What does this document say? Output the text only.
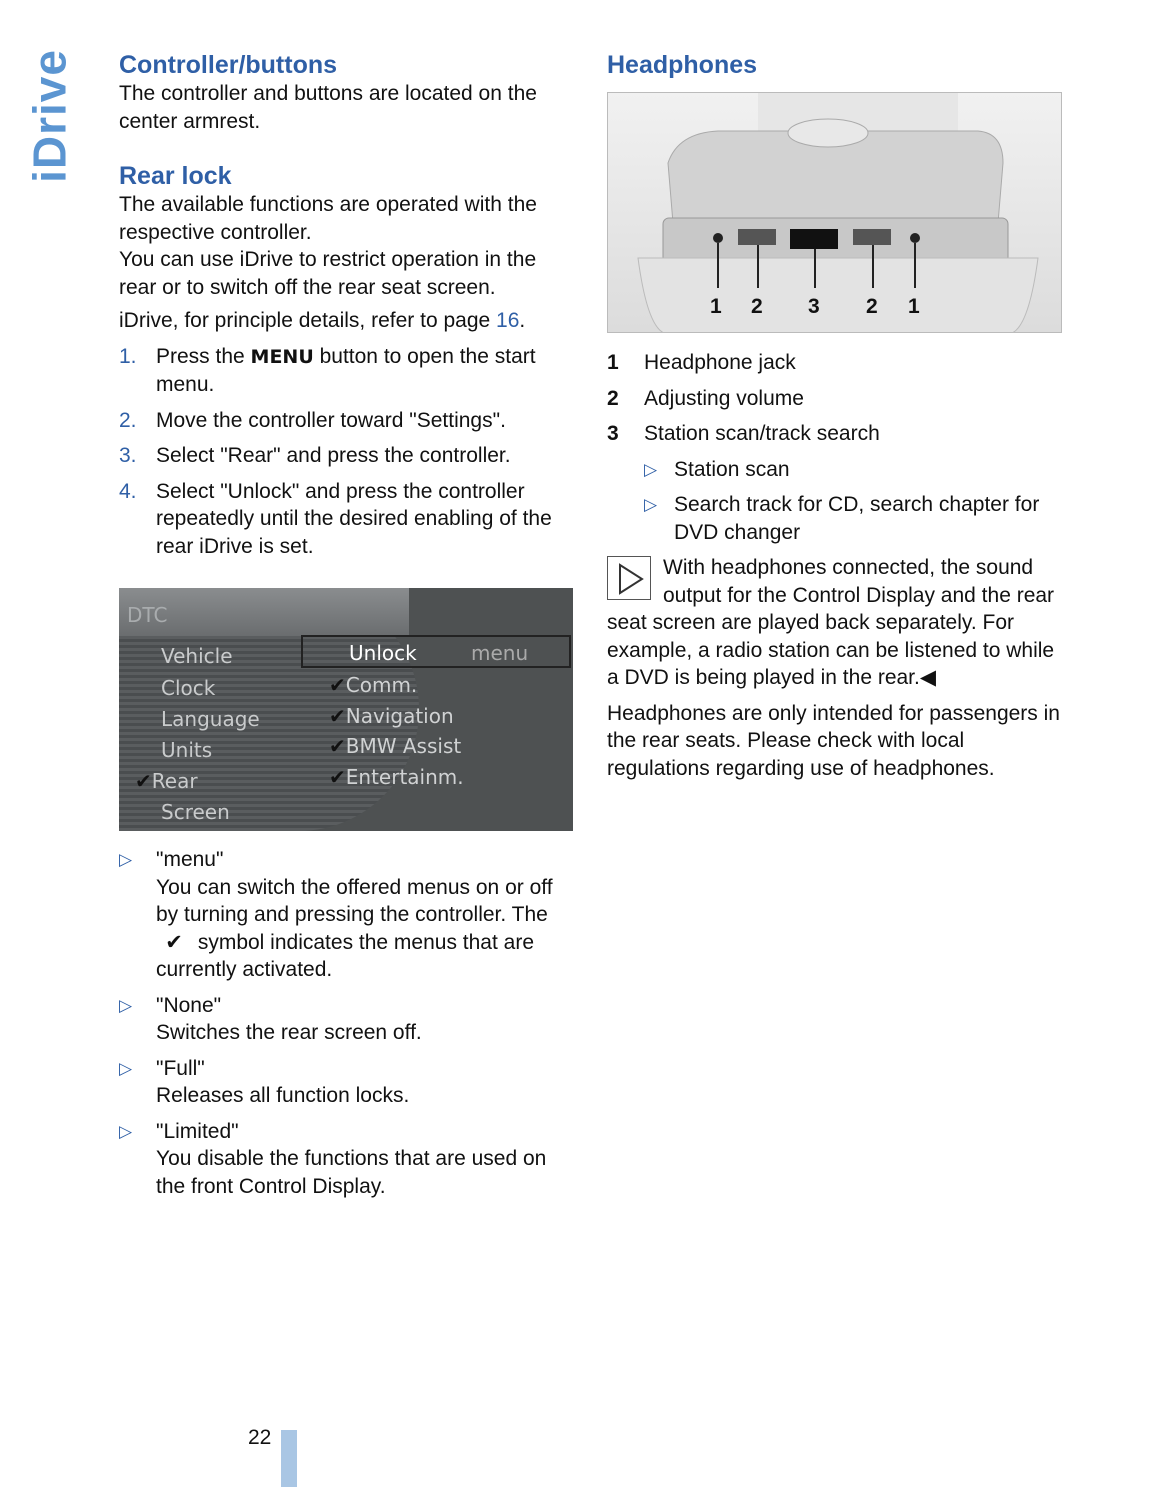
iDrive Controller/buttons

The controller and buttons are located on the center armrest.

Rear lock

The available functions are operated with the respective controller.

You can use iDrive to restrict operation in the rear or to switch off the rear seat screen.

iDrive, for principle details, refer to page 16.

1. Press the MENU button to open the start menu.
2. Move the controller toward "Settings".
3. Select "Rear" and press the controller.
4. Select "Unlock" and press the controller repeatedly until the desired enabling of the rear iDrive is set.
DTC
Vehicle
Clock
Language
Units
✔Rear
Screen
Unlock	menu
✔Comm.
✔Navigation
✔BMW Assist
✔Entertainm.
▷	"menu"
You can switch the offered menus on or off by turning and pressing the controller. The ✔ symbol indicates the menus that are currently activated.
▷	"None"
Switches the rear screen off.
▷	"Full"
Releases all function locks.
▷	"Limited"
You disable the functions that are used on the front Control Display.
Headphones
1 2 3 2 1
1	Headphone jack
2	Adjusting volume
3	Station scan/track search
▷ Station scan
▷ Search track for CD, search chapter for DVD changer
With headphones connected, the sound output for the Control Display and the rear seat screen are played back separately. For example, a radio station can be listened to while a DVD is being played in the rear.◀

Headphones are only intended for passengers in the rear seats. Please check with local regulations regarding use of headphones.

22
